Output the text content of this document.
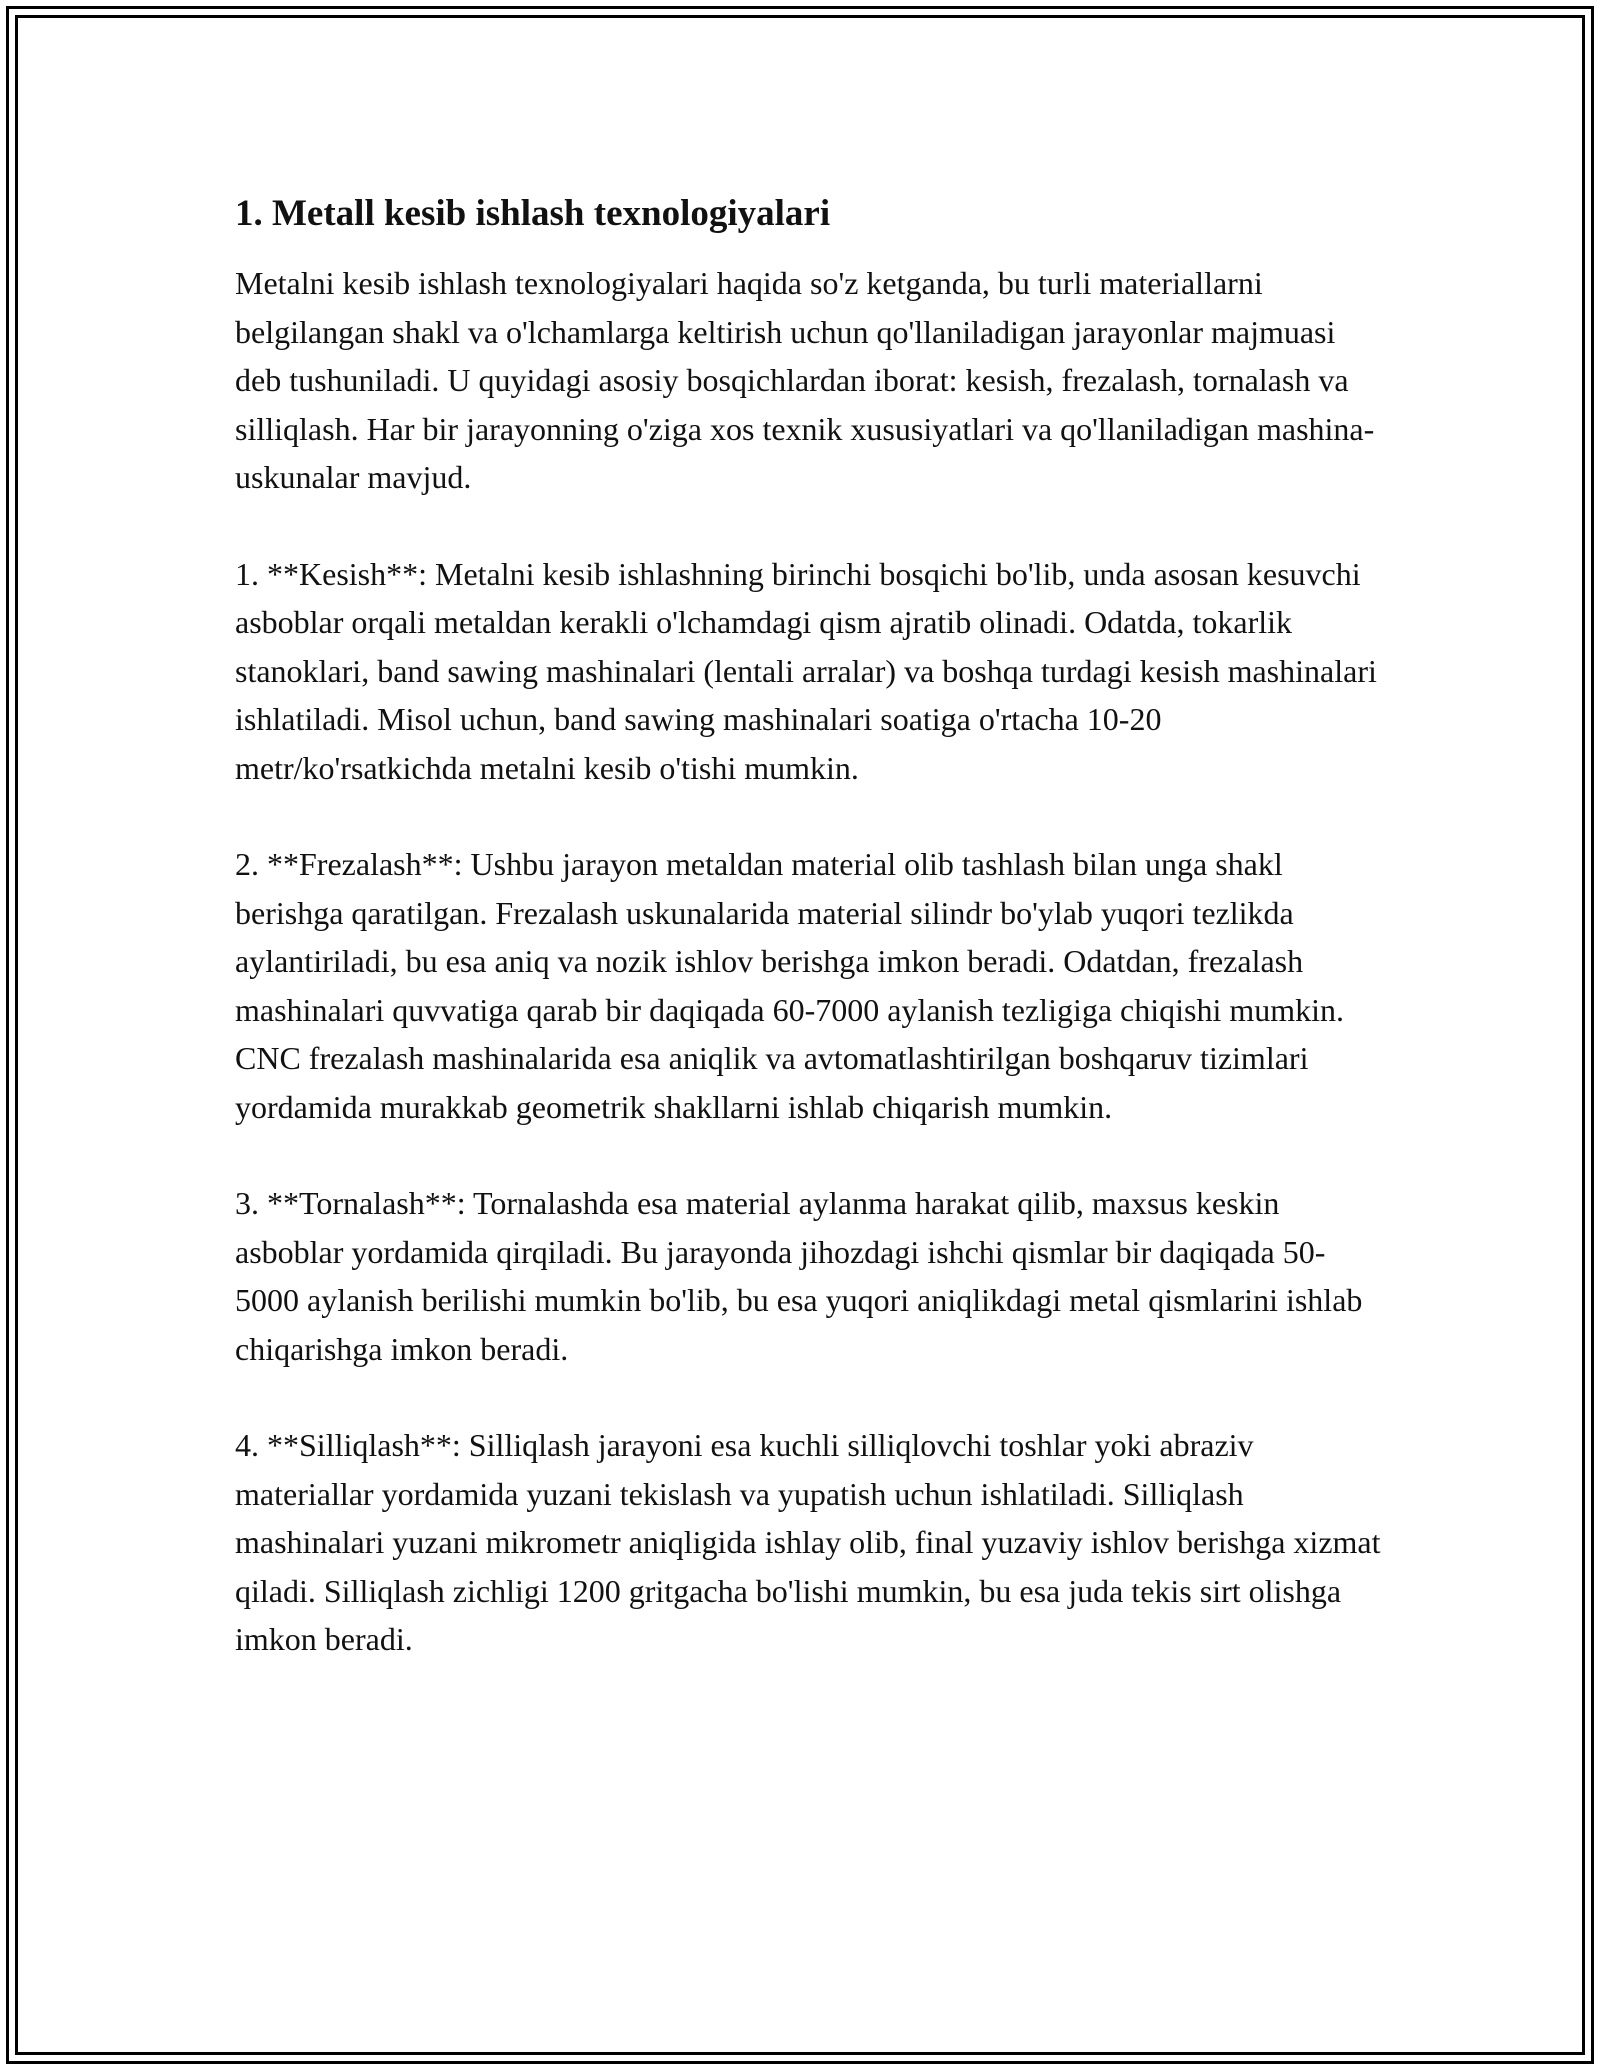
1. Metall kesib ishlash texnologiyalari

Metalni kesib ishlash texnologiyalari haqida so'z ketganda, bu turli materiallarni belgilangan shakl va o'lchamlarga keltirish uchun qo'llaniladigan jarayonlar majmuasi deb tushuniladi. U quyidagi asosiy bosqichlardan iborat: kesish, frezalash, tornalash va silliqlash. Har bir jarayonning o'ziga xos texnik xususiyatlari va qo'llaniladigan mashina-uskunalar mavjud.

1. **Kesish**: Metalni kesib ishlashning birinchi bosqichi bo'lib, unda asosan kesuvchi asboblar orqali metaldan kerakli o'lchamdagi qism ajratib olinadi. Odatda, tokarlik stanoklari, band sawing mashinalari (lentali arralar) va boshqa turdagi kesish mashinalari ishlatiladi. Misol uchun, band sawing mashinalari soatiga o'rtacha 10-20 metr/ko'rsatkichda metalni kesib o'tishi mumkin.

2. **Frezalash**: Ushbu jarayon metaldan material olib tashlash bilan unga shakl berishga qaratilgan. Frezalash uskunalarida material silindr bo'ylab yuqori tezlikda aylantiriladi, bu esa aniq va nozik ishlov berishga imkon beradi. Odatdan, frezalash mashinalari quvvatiga qarab bir daqiqada 60-7000 aylanish tezligiga chiqishi mumkin. CNC frezalash mashinalarida esa aniqlik va avtomatlashtirilgan boshqaruv tizimlari yordamida murakkab geometrik shakllarni ishlab chiqarish mumkin.

3. **Tornalash**: Tornalashda esa material aylanma harakat qilib, maxsus keskin asboblar yordamida qirqiladi. Bu jarayonda jihozdagi ishchi qismlar bir daqiqada 50-5000 aylanish berilishi mumkin bo'lib, bu esa yuqori aniqlikdagi metal qismlarini ishlab chiqarishga imkon beradi.

4. **Silliqlash**: Silliqlash jarayoni esa kuchli silliqlovchi toshlar yoki abraziv materiallar yordamida yuzani tekislash va yupatish uchun ishlatiladi. Silliqlash mashinalari yuzani mikrometr aniqligida ishlay olib, final yuzaviy ishlov berishga xizmat qiladi. Silliqlash zichligi 1200 gritgacha bo'lishi mumkin, bu esa juda tekis sirt olishga imkon beradi.
